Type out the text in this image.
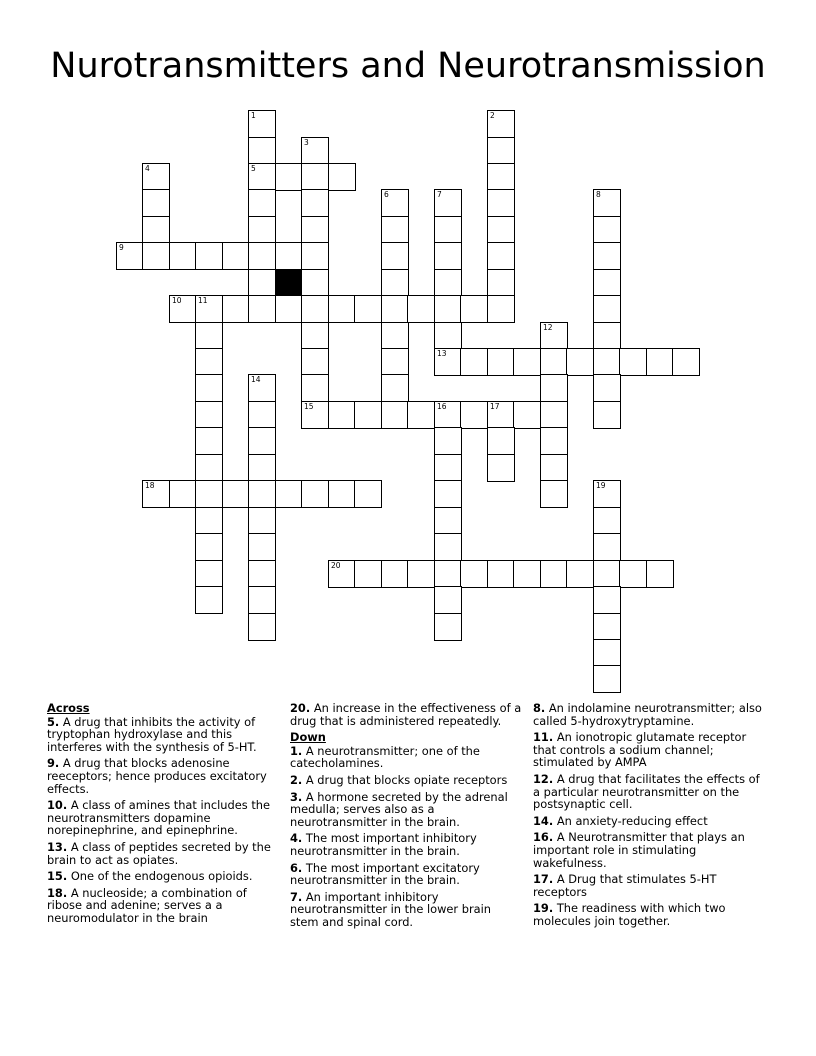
Nurotransmitters and Neurotransmission
1	2
3
4	5
6	7	8
9
10 11
12
13
14
15	16	17
18	19
20
Across
5. A drug that inhibits the activity of tryptophan hydroxylase and this interferes with the synthesis of 5-HT.
9. A drug that blocks adenosine reeceptors; hence produces excitatory effects.
10. A class of amines that includes the neurotransmitters dopamine norepinephrine, and epinephrine.
13. A class of peptides secreted by the brain to act as opiates.
15. One of the endogenous opioids.
18. A nucleoside; a combination of ribose and adenine; serves a a neuromodulator in the brain
20. An increase in the effectiveness of a drug that is administered repeatedly.
Down
1. A neurotransmitter; one of the catecholamines.
2. A drug that blocks opiate receptors
3. A hormone secreted by the adrenal medulla; serves also as a neurotransmitter in the brain.
4. The most important inhibitory neurotransmitter in the brain.
6. The most important excitatory neurotransmitter in the brain.
7. An important inhibitory neurotransmitter in the lower brain stem and spinal cord.
8. An indolamine neurotransmitter; also called 5-hydroxytryptamine.
11. An ionotropic glutamate receptor that controls a sodium channel; stimulated by AMPA
12. A drug that facilitates the effects of a particular neurotransmitter on the postsynaptic cell.
14. An anxiety-reducing effect
16. A Neurotransmitter that plays an important role in stimulating wakefulness.
17. A Drug that stimulates 5-HT receptors
19. The readiness with which two molecules join together.
